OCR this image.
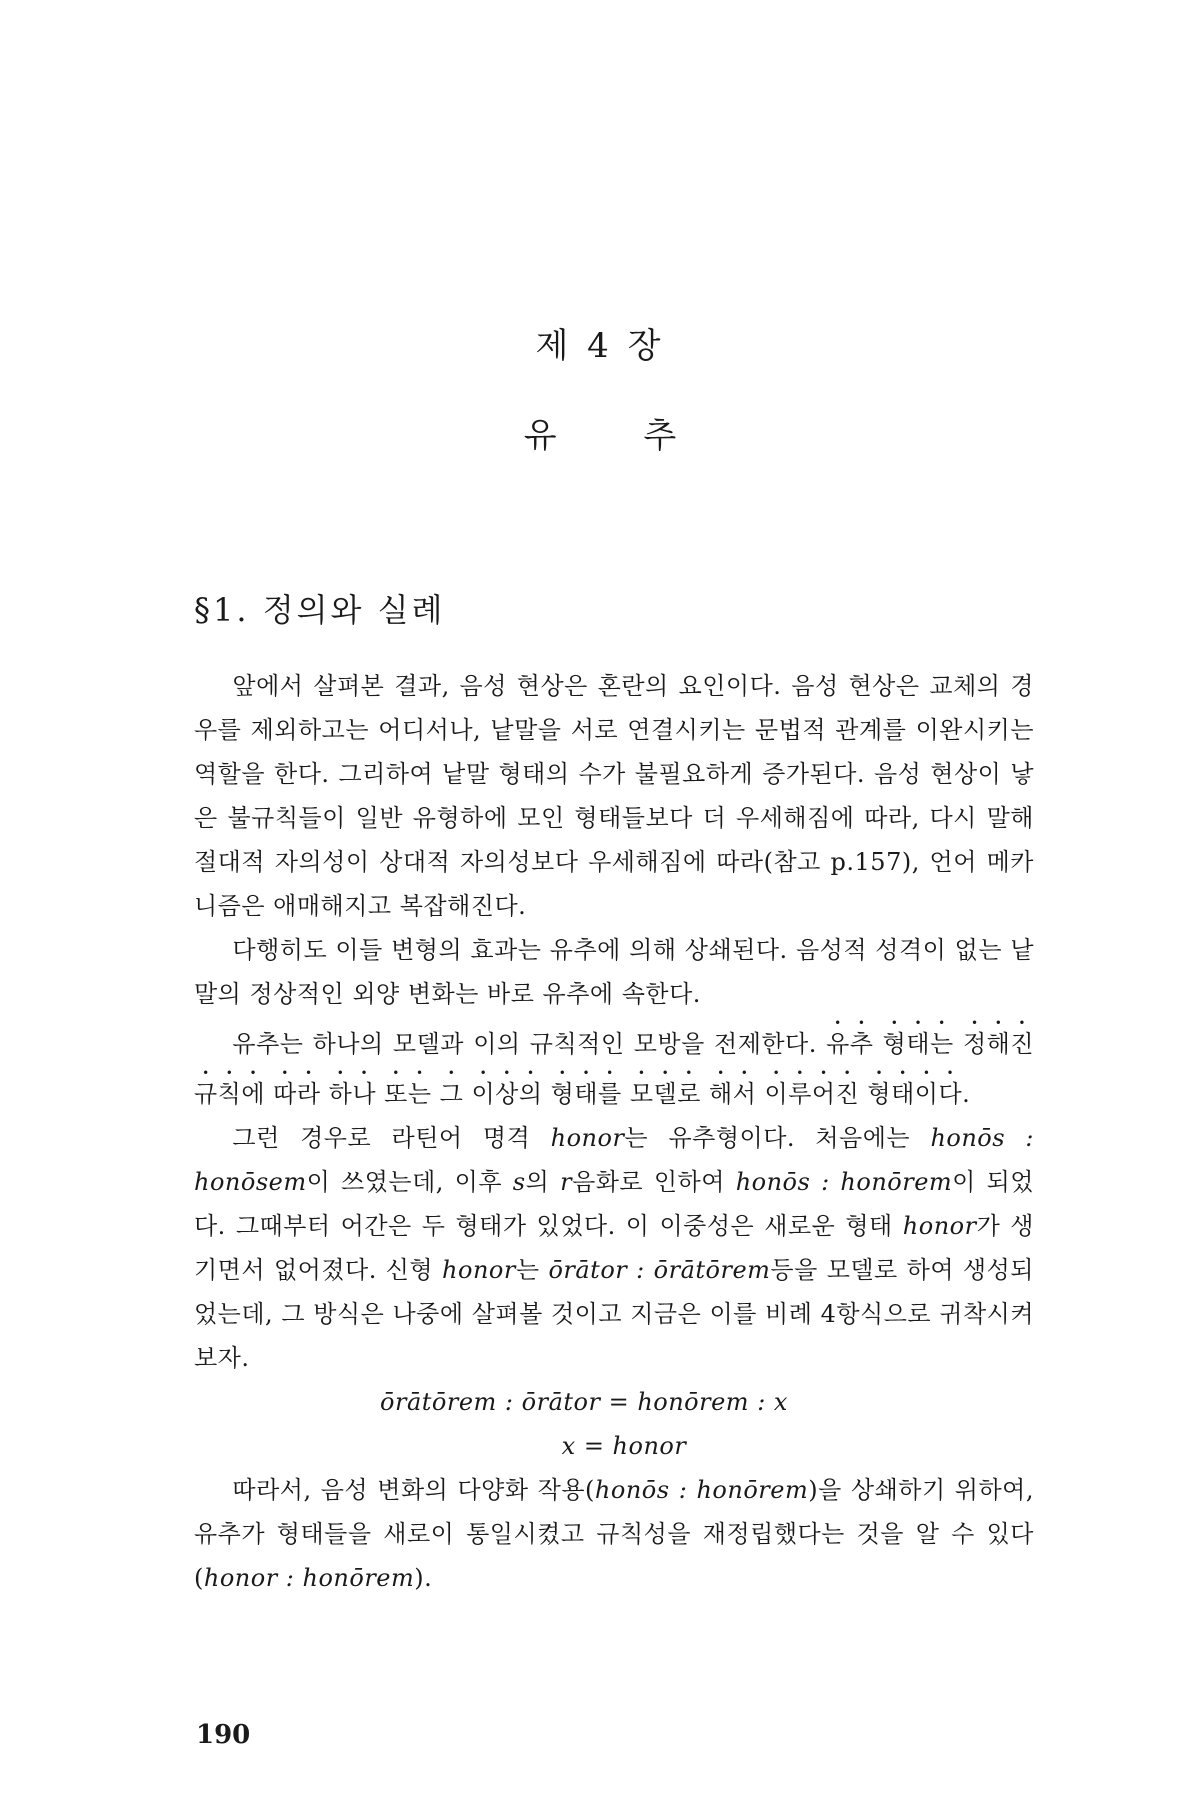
제 4 장
유 추
§1. 정의와 실례

앞에서 살펴본 결과, 음성 현상은 혼란의 요인이다. 음성 현상은 교체의 경우를 제외하고는 어디서나, 낱말을 서로 연결시키는 문법적 관계를 이완시키는 역할을 한다. 그리하여 낱말 형태의 수가 불필요하게 증가된다. 음성 현상이 낳은 불규칙들이 일반 유형하에 모인 형태들보다 더 우세해짐에 따라, 다시 말해 절대적 자의성이 상대적 자의성보다 우세해짐에 따라(참고 p.157), 언어 메카니즘은 애매해지고 복잡해진다.

다행히도 이들 변형의 효과는 유추에 의해 상쇄된다. 음성적 성격이 없는 낱말의 정상적인 외양 변화는 바로 유추에 속한다.

유추는 하나의 모델과 이의 규칙적인 모방을 전제한다. 유추 형태는 정해진 규칙에 따라 하나 또는 그 이상의 형태를 모델로 해서 이루어진 형태이다.

그런 경우로 라틴어 명격 honor는 유추형이다. 처음에는 honōs : honōsem이 쓰였는데, 이후 s의 r음화로 인하여 honōs : honōrem이 되었다. 그때부터 어간은 두 형태가 있었다. 이 이중성은 새로운 형태 honor가 생기면서 없어졌다. 신형 honor는 ōrātor : ōrātōrem등을 모델로 하여 생성되었는데, 그 방식은 나중에 살펴볼 것이고 지금은 이를 비례 4항식으로 귀착시켜 보자.

ōrātōrem : ōrātor = honōrem : x
x = honor

따라서, 음성 변화의 다양화 작용(honōs : honōrem)을 상쇄하기 위하여, 유추가 형태들을 새로이 통일시켰고 규칙성을 재정립했다는 것을 알 수 있다(honor : honōrem).

190
